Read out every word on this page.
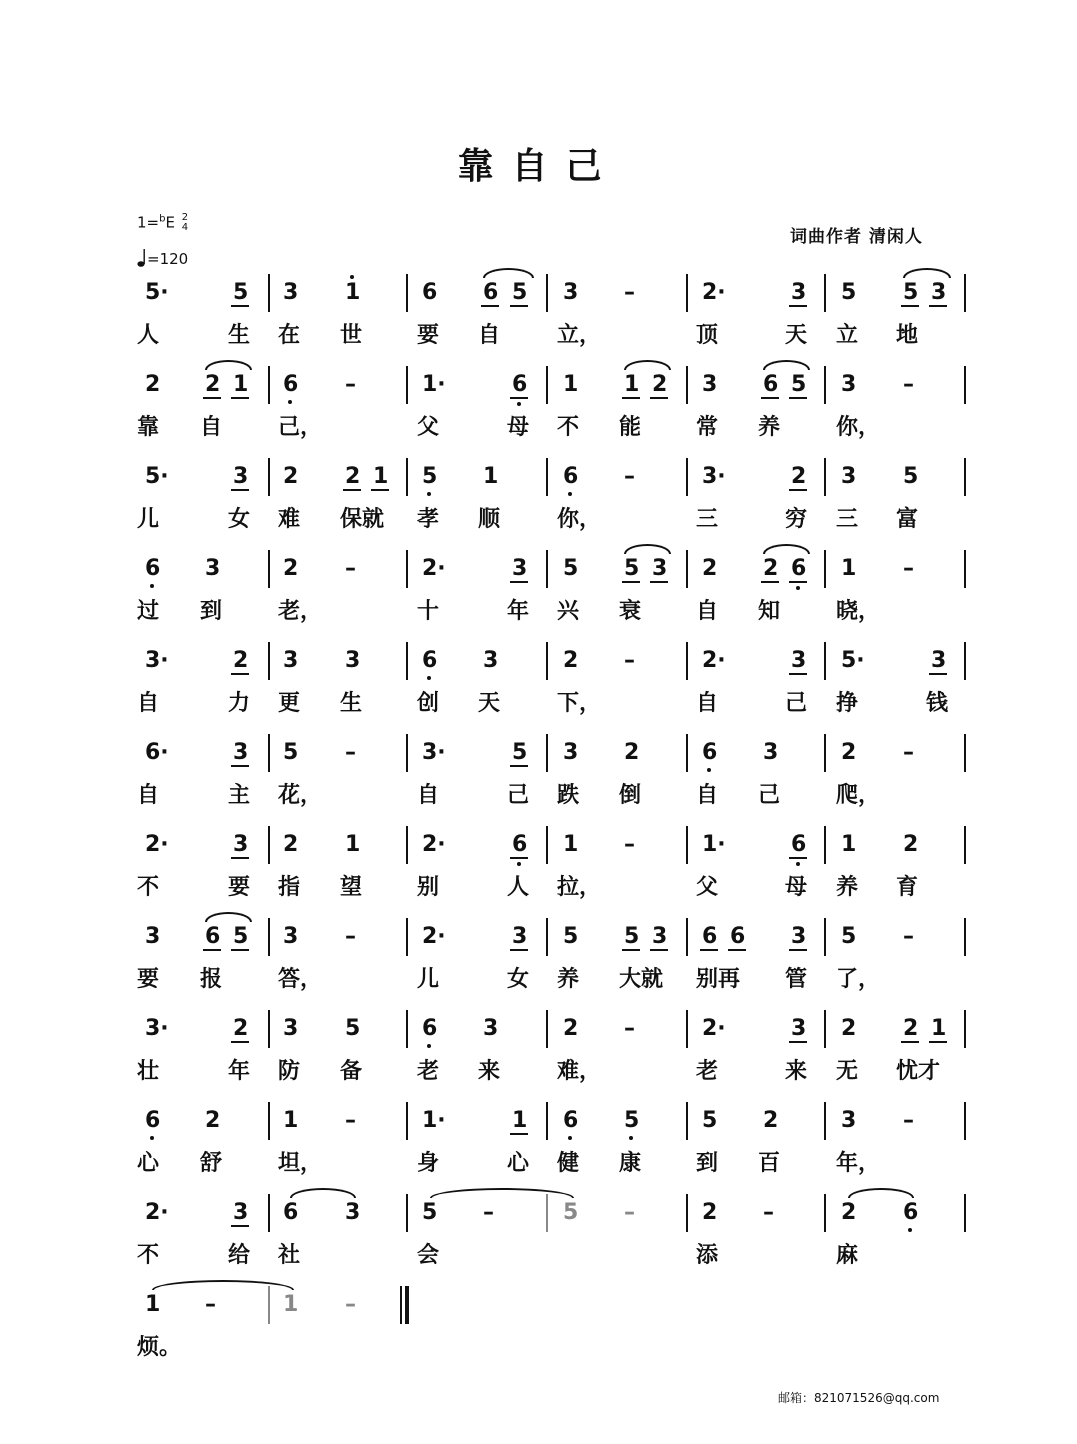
靠自己
1=$^b$E 2
4
=120
词曲作者 清闲人
5·	5 3 1	6 6 5 3 –	2·	3 5 5 3
人	生 在 世 要 自	立，	顶	天 立 地
2 2 1 6 –	1·	6 1 1 2 3 6 5 3 –
靠 自	己，	父	母 不 能 常 养	你，
5·	3 2 2 1 5 1	6 –	3·	2 3 5
儿	女 难 保就 孝 顺	你，	三	穷 三 富
6 3	2 –	2·	3 5 5 3 2 2 6 1 –
过 到	老，	十	年 兴 衰 自 知	晓，
3·	2 3 3	6 3	2 –	2·	3 5·	3
自	力 更 生 创 天	下，	自	己 挣	钱
6·	3 5 –	3·	5 3 2	6 3	2 –
自	主 花，	自	己 跌 倒 自 己	爬，
2·	3 2 1	2·	6 1 –	1·	6 1 2
不	要 指 望 别	人 拉，	父	母 养 育
3 6 5 3 –	2·	3 5 5 3 6 6 3 5 –
要 报	答，	儿	女 养 大就 别再 管 了，
3·	2 3 5	6 3	2 –	2·	3 2 2 1
壮	年 防 备 老 来	难，	老	来 无 忧才
6 2	1 –	1·	1 6 5	5 2	3 –
心 舒	坦，	身	心 健 康 到 百	年，
2·	3 6 3	5 –	5 –	2 –	2 6
不	给 社	会	添	麻
1 –	1 –
烦。
邮箱：821071526@qq.com
